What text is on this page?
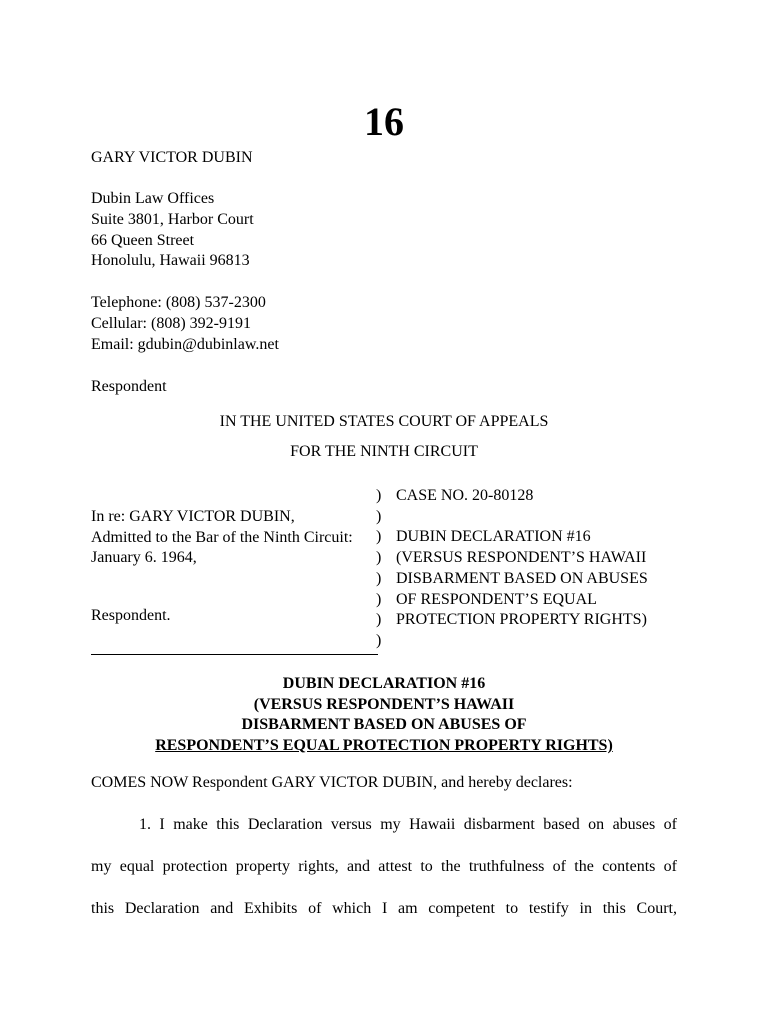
16
GARY VICTOR DUBIN
Dubin Law Offices
Suite 3801, Harbor Court
66 Queen Street
Honolulu, Hawaii 96813
Telephone: (808) 537-2300
Cellular: (808) 392-9191
Email: gdubin@dubinlaw.net
Respondent
IN THE UNITED STATES COURT OF APPEALS
FOR THE NINTH CIRCUIT
In re: GARY VICTOR DUBIN,
Admitted to the Bar of the Ninth Circuit:
January 6. 1964,
Respondent.
)
)
)
)
)
)
)
)
CASE NO. 20-80128

DUBIN DECLARATION #16
(VERSUS RESPONDENT’S HAWAII
DISBARMENT BASED ON ABUSES
OF RESPONDENT’S EQUAL
PROTECTION PROPERTY RIGHTS)
DUBIN DECLARATION #16
(VERSUS RESPONDENT’S HAWAII
DISBARMENT BASED ON ABUSES OF
RESPONDENT’S EQUAL PROTECTION PROPERTY RIGHTS)
COMES NOW Respondent GARY VICTOR DUBIN, and hereby declares:
1. I make this Declaration versus my Hawaii disbarment based on abuses of
my equal protection property rights, and attest to the truthfulness of the contents of
this Declaration and Exhibits of which I am competent to testify in this Court,
